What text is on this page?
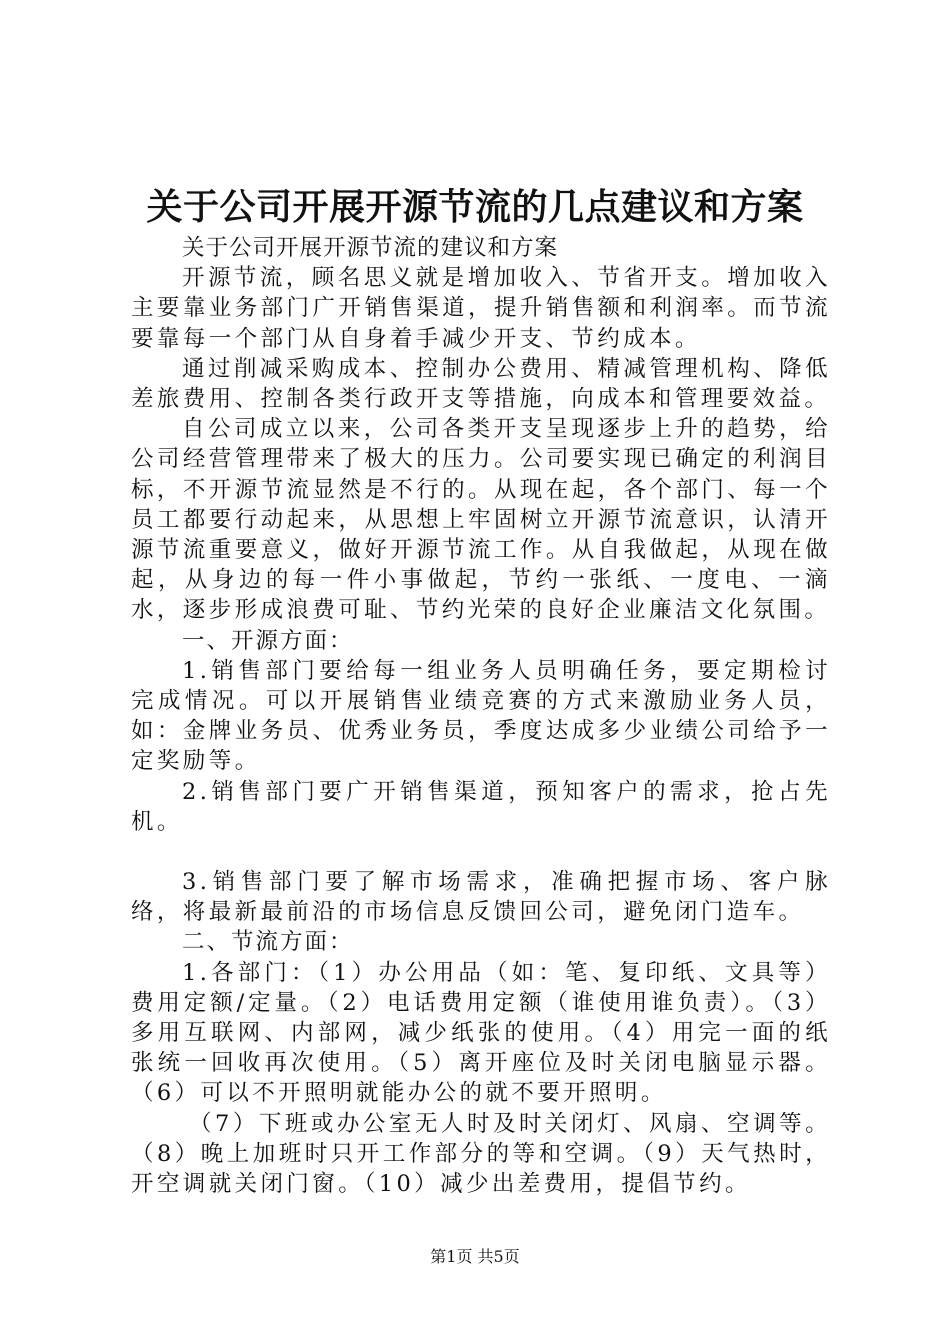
关于公司开展开源节流的几点建议和方案

关于公司开展开源节流的建议和方案

开源节流，顾名思义就是增加收入、节省开支。增加收入主要靠业务部门广开销售渠道，提升销售额和利润率。而节流要靠每一个部门从自身着手减少开支、节约成本。

通过削减采购成本、控制办公费用、精减管理机构、降低差旅费用、控制各类行政开支等措施，向成本和管理要效益。

自公司成立以来，公司各类开支呈现逐步上升的趋势，给公司经营管理带来了极大的压力。公司要实现已确定的利润目标，不开源节流显然是不行的。从现在起，各个部门、每一个员工都要行动起来，从思想上牢固树立开源节流意识，认清开源节流重要意义，做好开源节流工作。从自我做起，从现在做起，从身边的每一件小事做起，节约一张纸、一度电、一滴水，逐步形成浪费可耻、节约光荣的良好企业廉洁文化氛围。

一、开源方面：

1.销售部门要给每一组业务人员明确任务，要定期检讨完成情况。可以开展销售业绩竞赛的方式来激励业务人员，如：金牌业务员、优秀业务员，季度达成多少业绩公司给予一定奖励等。

2.销售部门要广开销售渠道，预知客户的需求，抢占先机。

3.销售部门要了解市场需求，准确把握市场、客户脉络，将最新最前沿的市场信息反馈回公司，避免闭门造车。

二、节流方面：

1.各部门：（1）办公用品（如：笔、复印纸、文具等）费用定额/定量。（2）电话费用定额（谁使用谁负责）。（3）多用互联网、内部网，减少纸张的使用。（4）用完一面的纸张统一回收再次使用。（5）离开座位及时关闭电脑显示器。（6）可以不开照明就能办公的就不要开照明。

（7）下班或办公室无人时及时关闭灯、风扇、空调等。（8）晚上加班时只开工作部分的等和空调。（9）天气热时，开空调就关闭门窗。（10）减少出差费用，提倡节约。

第1页 共5页
